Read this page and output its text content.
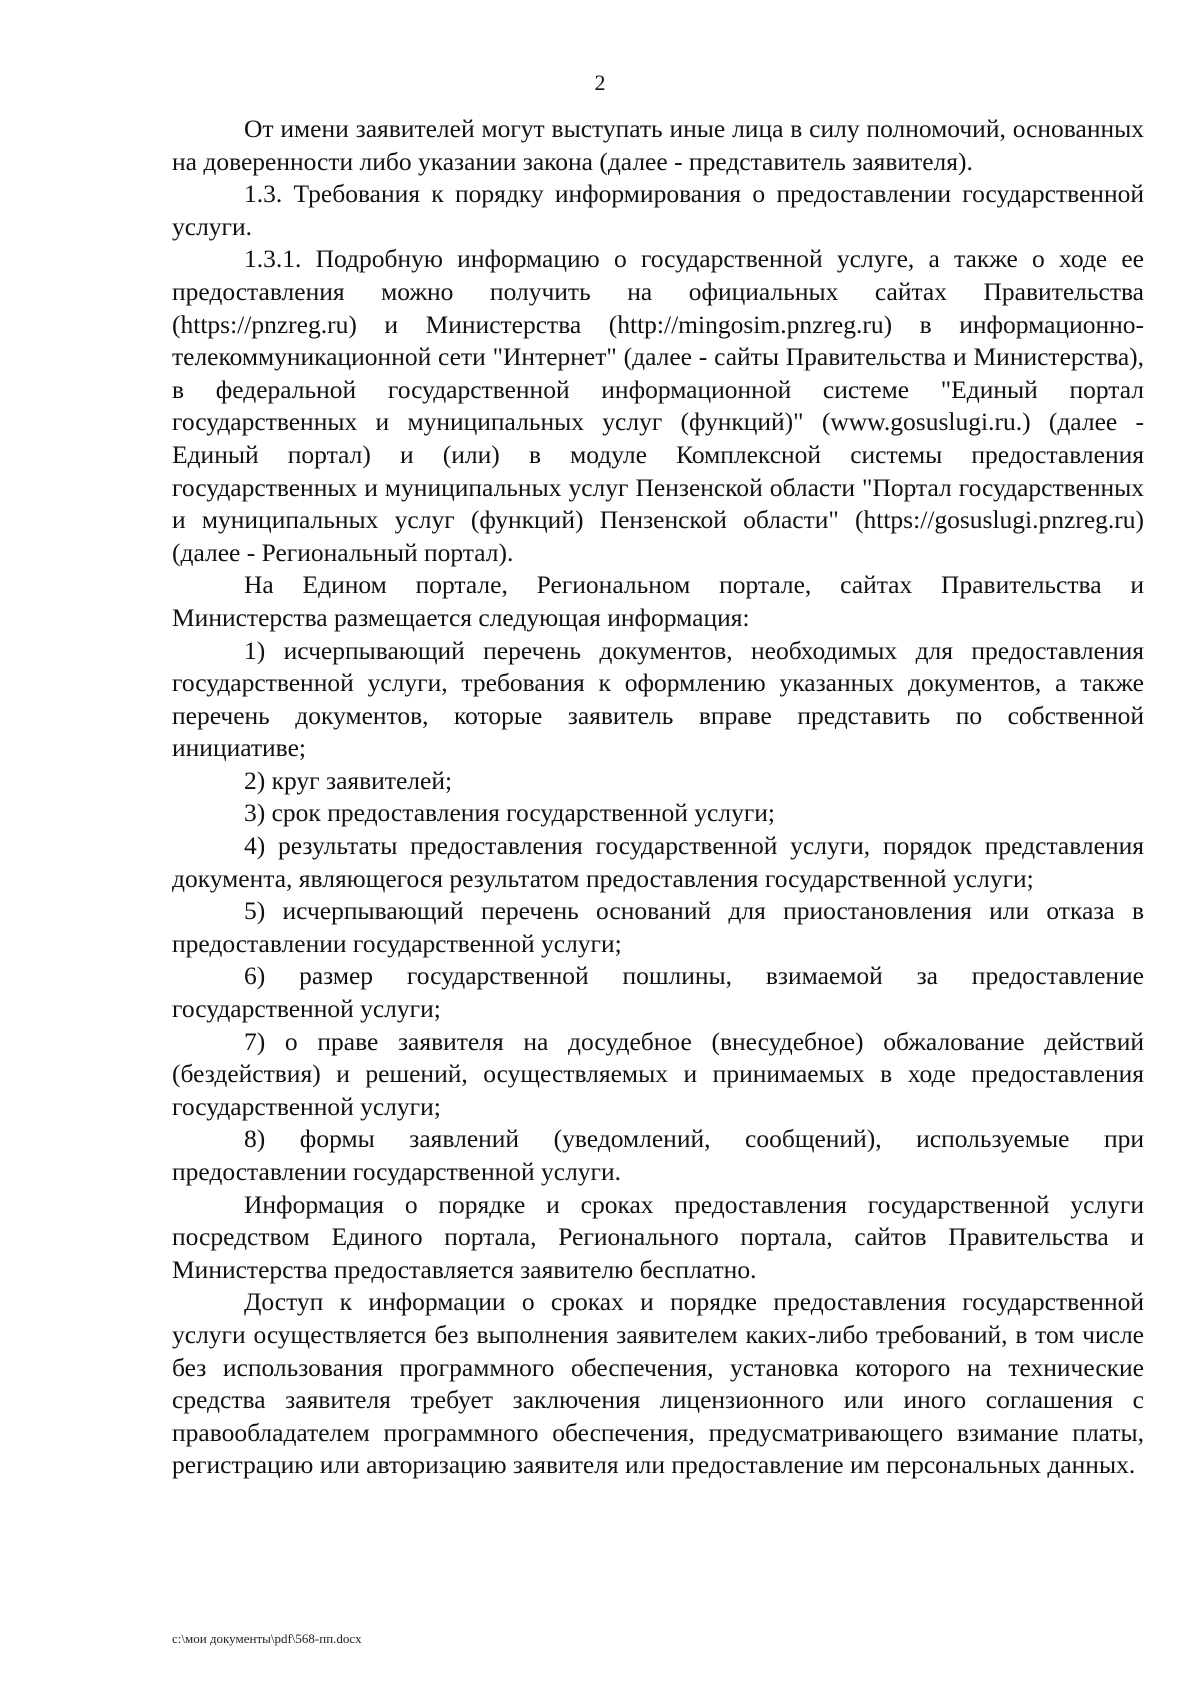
2

От имени заявителей могут выступать иные лица в силу полномочий, основанных на доверенности либо указании закона (далее - представитель заявителя).

1.3. Требования к порядку информирования о предоставлении государственной услуги.

1.3.1. Подробную информацию о государственной услуге, а также о ходе ее предоставления можно получить на официальных сайтах Правительства (https://pnzreg.ru) и Министерства (http://mingosim.pnzreg.ru) в информационно-телекоммуникационной сети "Интернет" (далее - сайты Правительства и Министерства), в федеральной государственной информационной системе "Единый портал государственных и муниципальных услуг (функций)" (www.gosuslugi.ru.) (далее - Единый портал) и (или) в модуле Комплексной системы предоставления государственных и муниципальных услуг Пензенской области "Портал государственных и муниципальных услуг (функций) Пензенской области" (https://gosuslugi.pnzreg.ru) (далее - Региональный портал).

На Едином портале, Региональном портале, сайтах Правительства и Министерства размещается следующая информация:

1) исчерпывающий перечень документов, необходимых для предоставления государственной услуги, требования к оформлению указанных документов, а также перечень документов, которые заявитель вправе представить по собственной инициативе;

2) круг заявителей;

3) срок предоставления государственной услуги;

4) результаты предоставления государственной услуги, порядок представления документа, являющегося результатом предоставления государственной услуги;

5) исчерпывающий перечень оснований для приостановления или отказа в предоставлении государственной услуги;

6) размер государственной пошлины, взимаемой за предоставление государственной услуги;

7) о праве заявителя на досудебное (внесудебное) обжалование действий (бездействия) и решений, осуществляемых и принимаемых в ходе предоставления государственной услуги;

8) формы заявлений (уведомлений, сообщений), используемые при предоставлении государственной услуги.

Информация о порядке и сроках предоставления государственной услуги посредством Единого портала, Регионального портала, сайтов Правительства и Министерства предоставляется заявителю бесплатно.

Доступ к информации о сроках и порядке предоставления государственной услуги осуществляется без выполнения заявителем каких-либо требований, в том числе без использования программного обеспечения, установка которого на технические средства заявителя требует заключения лицензионного или иного соглашения с правообладателем программного обеспечения, предусматривающего взимание платы, регистрацию или авторизацию заявителя или предоставление им персональных данных.

c:\мои документы\pdf\568-пп.docx
